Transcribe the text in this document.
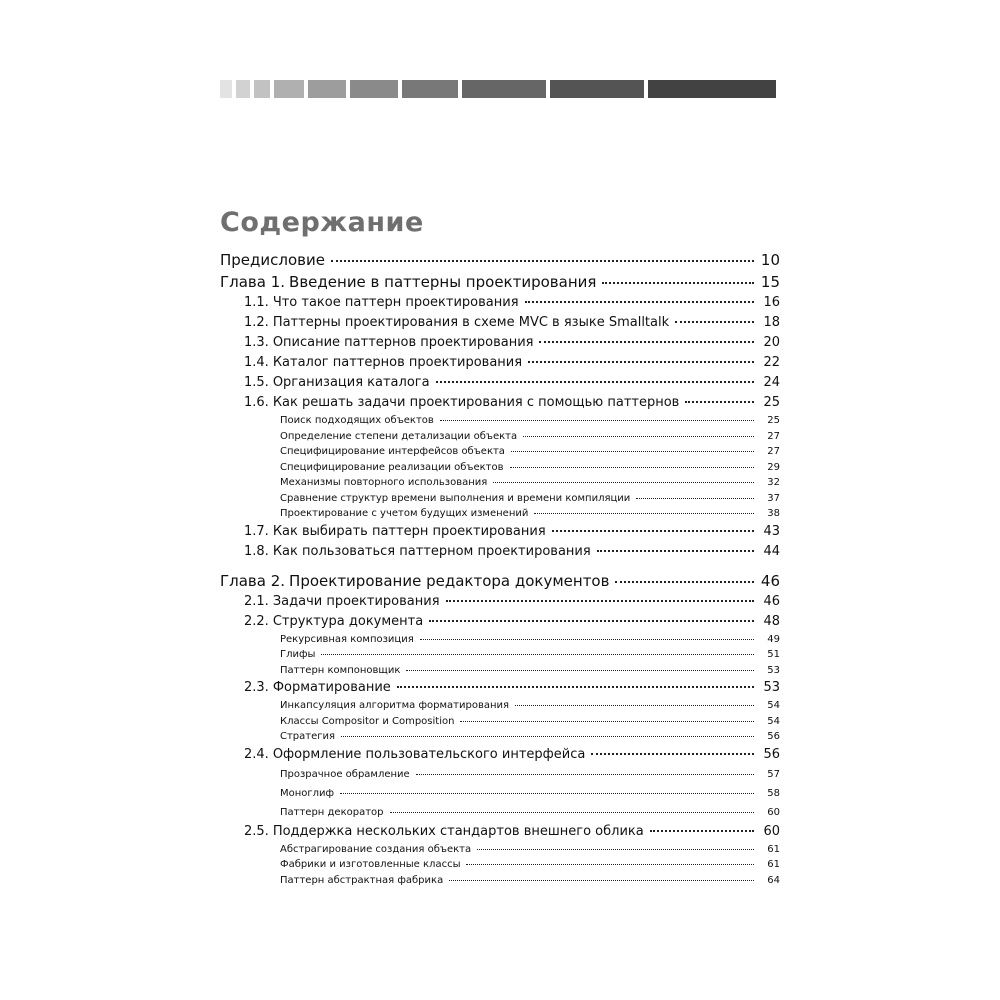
Содержание
Предисловие	10
Глава 1. Введение в паттерны проектирования	15
1.1. Что такое паттерн проектирования	16
1.2. Паттерны проектирования в схеме MVC в языке Smalltalk	18
1.3. Описание паттернов проектирования	20
1.4. Каталог паттернов проектирования	22
1.5. Организация каталога	24
1.6. Как решать задачи проектирования с помощью паттернов	25
Поиск подходящих объектов	25
Определение степени детализации объекта	27
Специфицирование интерфейсов объекта	27
Специфицирование реализации объектов	29
Механизмы повторного использования	32
Сравнение структур времени выполнения и времени компиляции	37
Проектирование с учетом будущих изменений	38
1.7. Как выбирать паттерн проектирования	43
1.8. Как пользоваться паттерном проектирования	44
Глава 2. Проектирование редактора документов	46
2.1. Задачи проектирования	46
2.2. Структура документа	48
Рекурсивная композиция	49
Глифы	51
Паттерн компоновщик	53
2.3. Форматирование	53
Инкапсуляция алгоритма форматирования	54
Классы Compositor и Composition	54
Стратегия	56
2.4. Оформление пользовательского интерфейса	56
Прозрачное обрамление	57
Моноглиф	58
Паттерн декоратор	60
2.5. Поддержка нескольких стандартов внешнего облика	60
Абстрагирование создания объекта	61
Фабрики и изготовленные классы	61
Паттерн абстрактная фабрика	64
